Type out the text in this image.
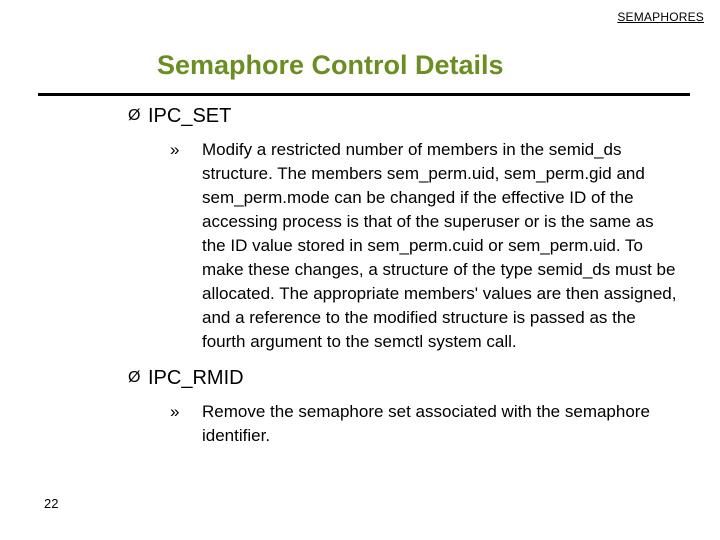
SEMAPHORES
Semaphore Control Details
Ø IPC_SET
»	Modify a restricted number of members in the semid_ds structure. The members sem_perm.uid, sem_perm.gid and sem_perm.mode can be changed if the effective ID of the accessing process is that of the superuser or is the same as the ID value stored in sem_perm.cuid or sem_perm.uid. To make these changes, a structure of the type semid_ds must be allocated. The appropriate members' values are then assigned, and a reference to the modified structure is passed as the fourth argument to the semctl system call.
Ø IPC_RMID
»	Remove the semaphore set associated with the semaphore identifier.
22
